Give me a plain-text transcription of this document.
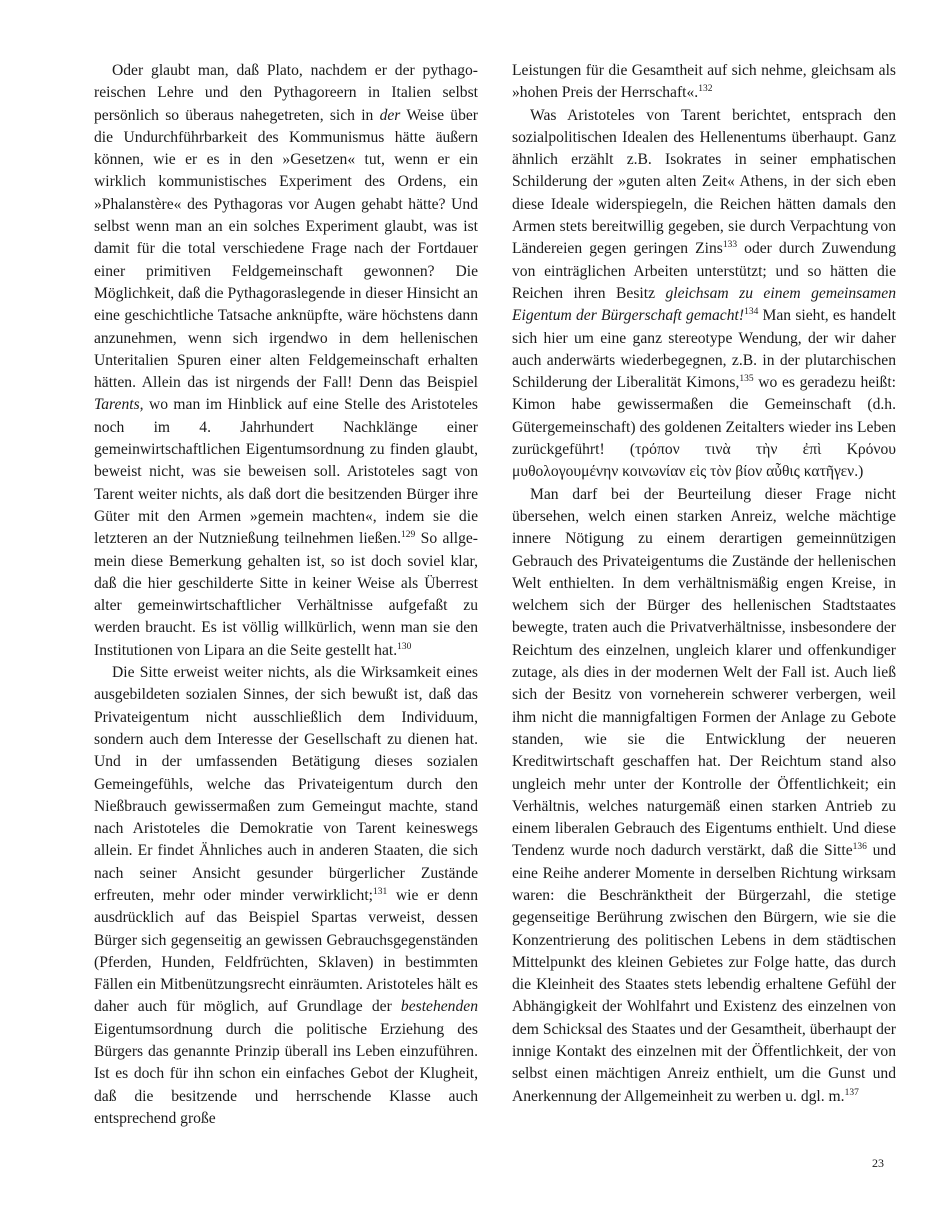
Oder glaubt man, daß Plato, nachdem er der pythagoreischen Lehre und den Pythagoreern in Italien selbst persönlich so überaus nahegetreten, sich in der Weise über die Undurchführbarkeit des Kommunismus hätte äußern können, wie er es in den »Gesetzen« tut, wenn er ein wirklich kommunistisches Experiment des Ordens, ein »Phalanstère« des Pythagoras vor Augen gehabt hätte? Und selbst wenn man an ein solches Experiment glaubt, was ist damit für die total verschiedene Frage nach der Fortdauer einer primitiven Feldgemeinschaft gewonnen? Die Möglichkeit, daß die Pythagoraslegende in dieser Hinsicht an eine geschichtliche Tatsache anknüpfte, wäre höchstens dann anzunehmen, wenn sich irgendwo in dem hellenischen Unteritalien Spuren einer alten Feldgemeinschaft erhalten hätten. Allein das ist nirgends der Fall! Denn das Beispiel Tarents, wo man im Hinblick auf eine Stelle des Aristoteles noch im 4. Jahrhundert Nachklänge einer gemeinwirtschaftlichen Eigentumsordnung zu finden glaubt, beweist nicht, was sie beweisen soll. Aristoteles sagt von Tarent weiter nichts, als daß dort die besitzenden Bürger ihre Güter mit den Armen »gemein machten«, indem sie die letzteren an der Nutznießung teilnehmen ließen.$^{129}$ So allgemein diese Bemerkung gehalten ist, so ist doch soviel klar, daß die hier geschilderte Sitte in keiner Weise als Überrest alter gemeinwirtschaftlicher Verhältnisse aufgefaßt zu werden braucht. Es ist völlig willkürlich, wenn man sie den Institutionen von Lipara an die Seite gestellt hat.$^{130}$

Die Sitte erweist weiter nichts, als die Wirksamkeit eines ausgebildeten sozialen Sinnes, der sich bewußt ist, daß das Privateigentum nicht ausschließlich dem Individuum, sondern auch dem Interesse der Gesellschaft zu dienen hat. Und in der umfassenden Betätigung dieses sozialen Gemeingefühls, welche das Privateigentum durch den Nießbrauch gewissermaßen zum Gemeingut machte, stand nach Aristoteles die Demokratie von Tarent keineswegs allein. Er findet Ähnliches auch in anderen Staaten, die sich nach seiner Ansicht gesunder bürgerlicher Zustände erfreuten, mehr oder minder verwirklicht;$^{131}$ wie er denn ausdrücklich auf das Beispiel Spartas verweist, dessen Bürger sich gegenseitig an gewissen Gebrauchsgegenständen (Pferden, Hunden, Feldfrüchten, Sklaven) in bestimmten Fällen ein Mitbenützungsrecht einräumten. Aristoteles hält es daher auch für möglich, auf Grundlage der bestehenden Eigentumsordnung durch die politische Erziehung des Bürgers das genannte Prinzip überall ins Leben einzuführen. Ist es doch für ihn schon ein einfaches Gebot der Klugheit, daß die besitzende und herrschende Klasse auch entsprechend große

Leistungen für die Gesamtheit auf sich nehme, gleichsam als »hohen Preis der Herrschaft«.$^{132}$

Was Aristoteles von Tarent berichtet, entsprach den sozialpolitischen Idealen des Hellenentums überhaupt. Ganz ähnlich erzählt z.B. Isokrates in seiner emphatischen Schilderung der »guten alten Zeit« Athens, in der sich eben diese Ideale widerspiegeln, die Reichen hätten damals den Armen stets bereitwillig gegeben, sie durch Verpachtung von Ländereien gegen geringen Zins$^{133}$ oder durch Zuwendung von einträglichen Arbeiten unterstützt; und so hätten die Reichen ihren Besitz gleichsam zu einem gemeinsamen Eigentum der Bürgerschaft gemacht!$^{134}$ Man sieht, es handelt sich hier um eine ganz stereotype Wendung, der wir daher auch anderwärts wiederbegegnen, z.B. in der plutarchischen Schilderung der Liberalität Kimons,$^{135}$ wo es geradezu heißt: Kimon habe gewissermaßen die Gemeinschaft (d.h. Gütergemeinschaft) des goldenen Zeitalters wieder ins Leben zurückgeführt! (τρόπον τινὰ τὴν ἐπὶ Κρόνου μυθολογουμένην κοινωνίαν εἰς τὸν βίον αὖθις κατῆγεν.)

Man darf bei der Beurteilung dieser Frage nicht übersehen, welch einen starken Anreiz, welche mächtige innere Nötigung zu einem derartigen gemeinnützigen Gebrauch des Privateigentums die Zustände der hellenischen Welt enthielten. In dem verhältnismäßig engen Kreise, in welchem sich der Bürger des hellenischen Stadtstaates bewegte, traten auch die Privatverhältnisse, insbesondere der Reichtum des einzelnen, ungleich klarer und offenkundiger zutage, als dies in der modernen Welt der Fall ist. Auch ließ sich der Besitz von vorneherein schwerer verbergen, weil ihm nicht die mannigfaltigen Formen der Anlage zu Gebote standen, wie sie die Entwicklung der neueren Kreditwirtschaft geschaffen hat. Der Reichtum stand also ungleich mehr unter der Kontrolle der Öffentlichkeit; ein Verhältnis, welches naturgemäß einen starken Antrieb zu einem liberalen Gebrauch des Eigentums enthielt. Und diese Tendenz wurde noch dadurch verstärkt, daß die Sitte$^{136}$ und eine Reihe anderer Momente in derselben Richtung wirksam waren: die Beschränktheit der Bürgerzahl, die stetige gegenseitige Berührung zwischen den Bürgern, wie sie die Konzentrierung des politischen Lebens in dem städtischen Mittelpunkt des kleinen Gebietes zur Folge hatte, das durch die Kleinheit des Staates stets lebendig erhaltene Gefühl der Abhängigkeit der Wohlfahrt und Existenz des einzelnen von dem Schicksal des Staates und der Gesamtheit, überhaupt der innige Kontakt des einzelnen mit der Öffentlichkeit, der von selbst einen mächtigen Anreiz enthielt, um die Gunst und Anerkennung der Allgemeinheit zu werben u. dgl. m.$^{137}$

23
